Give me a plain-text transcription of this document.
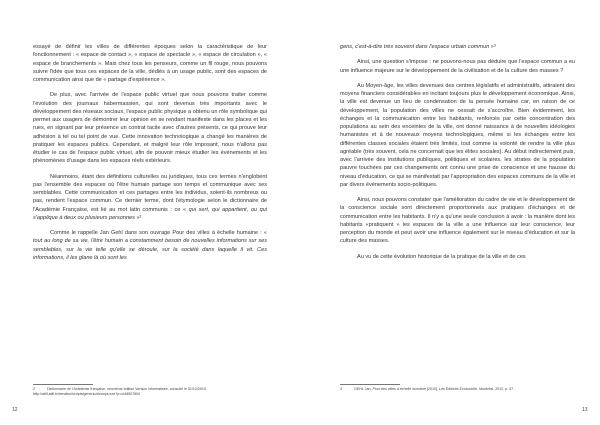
essayé de définir les villes de différentes époques selon la caractéristique de leur fonctionnement : « espace de contact », « espace de spectacle », « espace de circulation », « espace de branchements ». Mais chez tous les penseurs, comme un fil rouge, nous pouvons suivre l'idée que tous ces espaces de la ville, dédiés à un usage public, sont des espaces de communication ainsi que de « partage d'expérience ».

De plus, avec l'arrivée de l'espace public virtuel que nous pouvons traiter comme l'évolution des journaux habermassien, qui sont devenus très importants avec le développement des réseaux sociaux, l'espace public physique a obtenu un rôle symbolique qui permet aux usagers de démontrer leur opinion en se rendant manifeste dans les places et les rues, en signant par leur présence un contrat tacite avec d'autres présents, ce qui prouve leur adhésion à tel ou tel point de vue. Cette innovation technologique a changé les manières de pratiquer les espaces publics. Cependant, et malgré leur rôle imposant, nous n'allons pas étudier le cas de l'espace public virtuel, afin de pouvoir mieux étudier les événements et les phénomènes d'usage dans les espaces réels extérieurs.

Néanmoins, étant des définitions culturelles ou juridiques, tous ces termes n'englobent pas l'ensemble des espaces où l'être humain partage son temps et communique avec ses semblables. Cette communication et ces partages entre les individus, soient-ils nombreux ou pas, rendent l'espace commun. Ce dernier terme, dont l'étymologie selon le dictionnaire de l'Académie Française, est lié au mot latin communis : ce « qui sert, qui appartient, ou qui s'applique à deux ou plusieurs personnes »²

Comme le rappelle Jan Gehl dans son ouvrage Pour des villes à échelle humaine : « tout au long de sa vie, l'être humain a constamment besoin de nouvelles informations sur ses semblables, sur la vie telle qu'elle se déroule, sur la société dans laquelle il vit. Ces informations, il les glane là où sont les

2	Dictionnaire de l'Académie française, neuvième édition Version informatisée, consulté le 31/12/2019, http://atilf.atilf.fr/dendien/scripts/generic/showps.exe?p=ct48507800
12

gens, c'est-à-dire très souvent dans l'espace urbain commun »³

Ainsi, une question s'impose : ne pouvons-nous pas déduire que l'espace commun a eu une influence majeure sur le développement de la civilisation et de la culture des masses ?

Au Moyen-âge, les villes devenues des centres législatifs et administratifs, attiraient des moyens financiers considérables en incitant toujours plus le développement économique. Ainsi, la ville est devenue un lieu de condensation de la pensée humaine car, en raison de ce développement, la population des villes ne cessait de s'accroître. Bien évidemment, les échanges et la communication entre les habitants, renforcés par cette concentration des populations au sein des enceintes de la ville, ont donné naissance à de nouvelles idéologies humanistes et à de nouveaux moyens technologiques, même si les échanges entre les différentes classes sociales étaient très limités, tout comme la volonté de rendre la ville plus agréable (très souvent, cela ne concernait que les élites sociales). Au début indirectement puis, avec l'arrivée des institutions publiques, politiques et scolaires, les strates de la population pauvre touchées par ces changements ont connu une prise de conscience et une hausse du niveau d'éducation, ce qui se manifestait par l'appropriation des espaces communs de la ville et par divers événements socio-politiques.

Ainsi, nous pouvons constater que l'amélioration du cadre de vie et le développement de la conscience sociale sont directement proportionnels aux pratiques d'échanges et de communication entre les habitants. Il n'y a qu'une seule conclusion à avoir : la manière dont les habitants «pratiquent » les espaces de la ville a une influence sur leur conscience, leur perception du monde et peut avoir une influence également sur le niveau d'éducation et sur la culture des masses.

Au vu de cette évolution historique de la pratique de la ville et de ces

3	GEHL Jan, Pour des villes à échelle humaine [2010], Les Éditions Écosociété, Montréal, 2012, p. 37.
13
